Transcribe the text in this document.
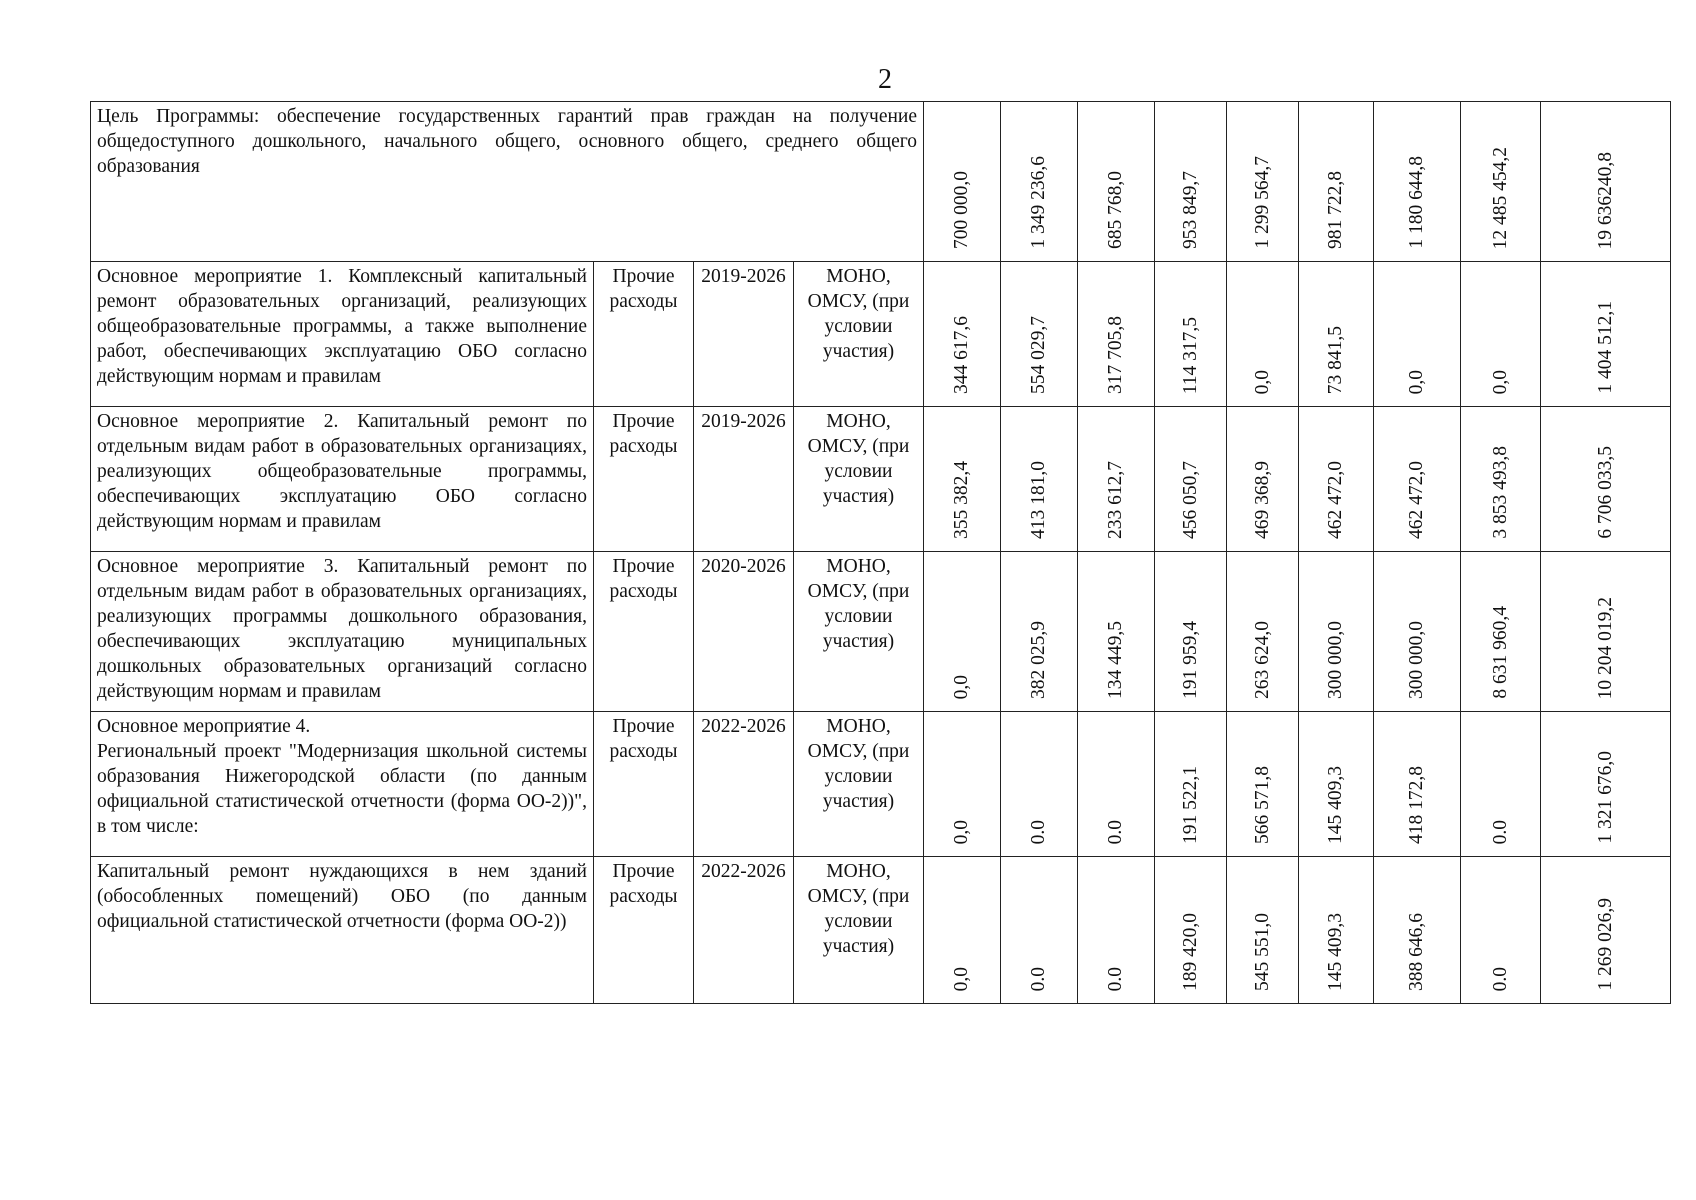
2
Цель Программы: обеспечение государственных гарантий прав граждан на получение общедоступного дошкольного, начального общего, основного общего, среднего общего образования				700 000,0	1 349 236,6	685 768,0	953 849,7	1 299 564,7	981 722,8	1 180 644,8	12 485 454,2	19 636240,8

Основное мероприятие 1. Комплексный капитальный ремонт образовательных организаций, реализующих общеобразовательные программы, а также выполнение работ, обеспечивающих эксплуатацию ОБО согласно действующим нормам и правилам	Прочие расходы	2019-2026	МОНО, ОМСУ, (при условии участия)	344 617,6	554 029,7	317 705,8	114 317,5	0,0	73 841,5	0,0	0,0	1 404 512,1

Основное мероприятие 2. Капитальный ремонт по отдельным видам работ в образовательных организациях, реализующих общеобразовательные программы, обеспечивающих эксплуатацию ОБО согласно действующим нормам и правилам	Прочие расходы	2019-2026	МОНО, ОМСУ, (при условии участия)	355 382,4	413 181,0	233 612,7	456 050,7	469 368,9	462 472,0	462 472,0	3 853 493,8	6 706 033,5

Основное мероприятие 3. Капитальный ремонт по отдельным видам работ в образовательных организациях, реализующих программы дошкольного образования, обеспечивающих эксплуатацию муниципальных дошкольных образовательных организаций согласно действующим нормам и правилам	Прочие расходы	2020-2026	МОНО, ОМСУ, (при условии участия)	0,0	382 025,9	134 449,5	191 959,4	263 624,0	300 000,0	300 000,0	8 631 960,4	10 204 019,2

Основное мероприятие 4.
Региональный проект "Модернизация школьной системы образования Нижегородской области (по данным официальной статистической отчетности (форма ОО-2))", в том числе:	Прочие расходы	2022-2026	МОНО, ОМСУ, (при условии участия)	0,0	0.0	0.0	191 522,1	566 571,8	145 409,3	418 172,8	0.0	1 321 676,0

Капитальный ремонт нуждающихся в нем зданий (обособленных помещений) ОБО (по данным официальной статистической отчетности (форма ОО-2))	Прочие расходы	2022-2026	МОНО, ОМСУ, (при условии участия)	0,0	0.0	0.0	189 420,0	545 551,0	145 409,3	388 646,6	0.0	1 269 026,9
